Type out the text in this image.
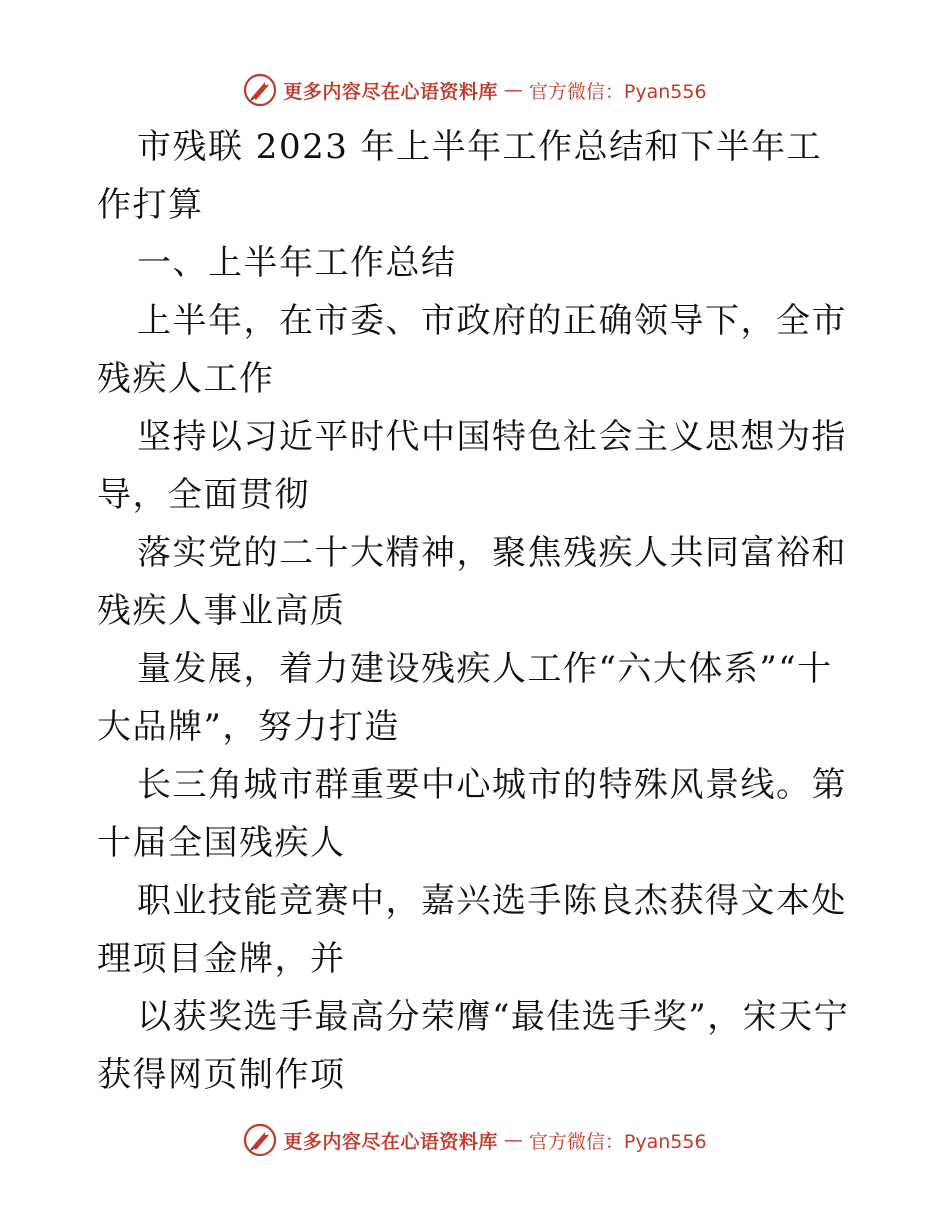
更多内容尽在心语资料库 — 官方微信：Pyan556

市残联 2023 年上半年工作总结和下半年工作打算

一、上半年工作总结

上半年，在市委、市政府的正确领导下，全市残疾人工作

坚持以习近平时代中国特色社会主义思想为指导，全面贯彻

落实党的二十大精神，聚焦残疾人共同富裕和残疾人事业高质

量发展，着力建设残疾人工作“六大体系”“十大品牌”，努力打造

长三角城市群重要中心城市的特殊风景线。第十届全国残疾人

职业技能竞赛中，嘉兴选手陈良杰获得文本处理项目金牌，并

以获奖选手最高分荣膺“最佳选手奖”，宋天宁获得网页制作项

更多内容尽在心语资料库 — 官方微信：Pyan556
